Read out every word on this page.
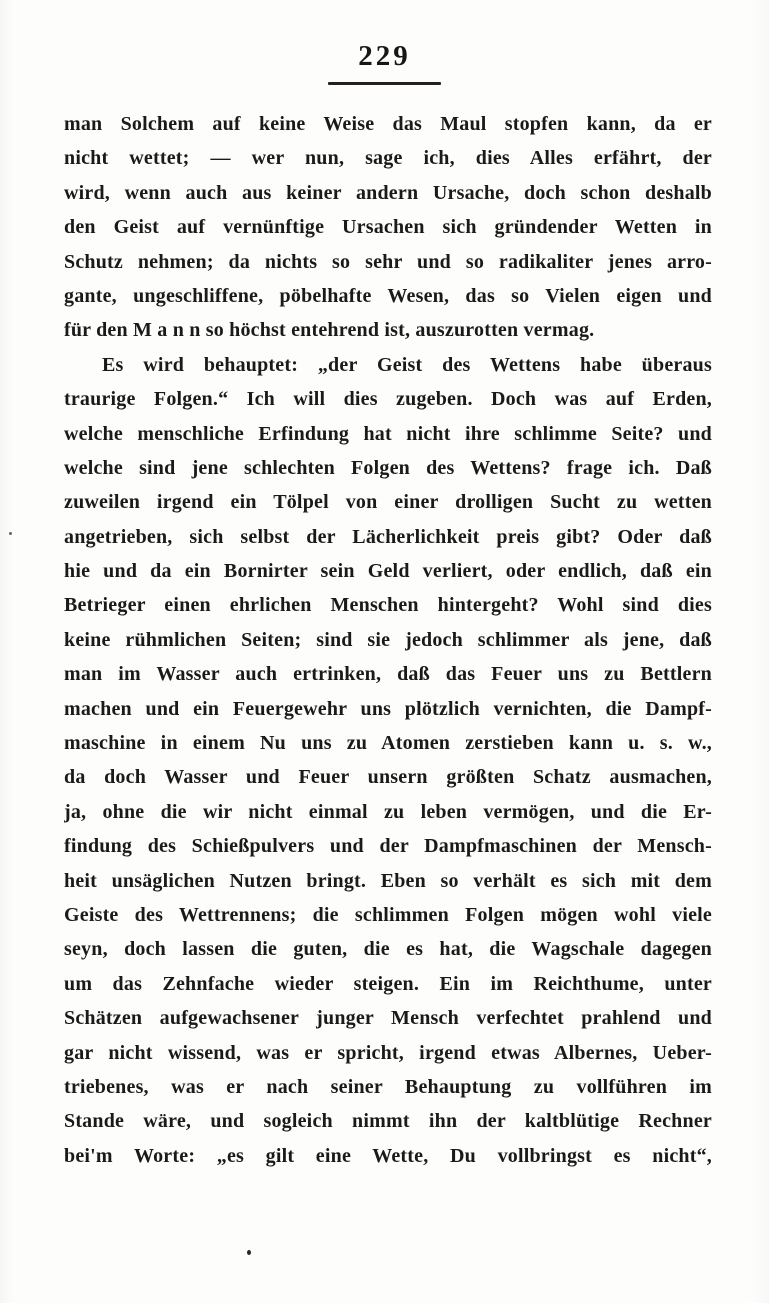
229
man Solchem auf keine Weise das Maul stopfen kann, da er
nicht wettet; — wer nun, sage ich, dies Alles erfährt, der
wird, wenn auch aus keiner andern Ursache, doch schon deshalb
den Geist auf vernünftige Ursachen sich gründender Wetten in
Schutz nehmen; da nichts so sehr und so radikaliter jenes arro-
gante, ungeschliffene, pöbelhafte Wesen, das so Vielen eigen und
für den M a n n so höchst entehrend ist, auszurotten vermag.
Es wird behauptet: „der Geist des Wettens habe überaus
traurige Folgen.“ Ich will dies zugeben. Doch was auf Erden,
welche menschliche Erfindung hat nicht ihre schlimme Seite? und
welche sind jene schlechten Folgen des Wettens? frage ich. Daß
zuweilen irgend ein Tölpel von einer drolligen Sucht zu wetten
angetrieben, sich selbst der Lächerlichkeit preis gibt? Oder daß
hie und da ein Bornirter sein Geld verliert, oder endlich, daß ein
Betrieger einen ehrlichen Menschen hintergeht? Wohl sind dies
keine rühmlichen Seiten; sind sie jedoch schlimmer als jene, daß
man im Wasser auch ertrinken, daß das Feuer uns zu Bettlern
machen und ein Feuergewehr uns plötzlich vernichten, die Dampf-
maschine in einem Nu uns zu Atomen zerstieben kann u. s. w.,
da doch Wasser und Feuer unsern größten Schatz ausmachen,
ja, ohne die wir nicht einmal zu leben vermögen, und die Er-
findung des Schießpulvers und der Dampfmaschinen der Mensch-
heit unsäglichen Nutzen bringt. Eben so verhält es sich mit dem
Geiste des Wettrennens; die schlimmen Folgen mögen wohl viele
seyn, doch lassen die guten, die es hat, die Wagschale dagegen
um das Zehnfache wieder steigen. Ein im Reichthume, unter
Schätzen aufgewachsener junger Mensch verfechtet prahlend und
gar nicht wissend, was er spricht, irgend etwas Albernes, Ueber-
triebenes, was er nach seiner Behauptung zu vollführen im
Stande wäre, und sogleich nimmt ihn der kaltblütige Rechner
bei'm Worte: „es gilt eine Wette, Du vollbringst es nicht“,
